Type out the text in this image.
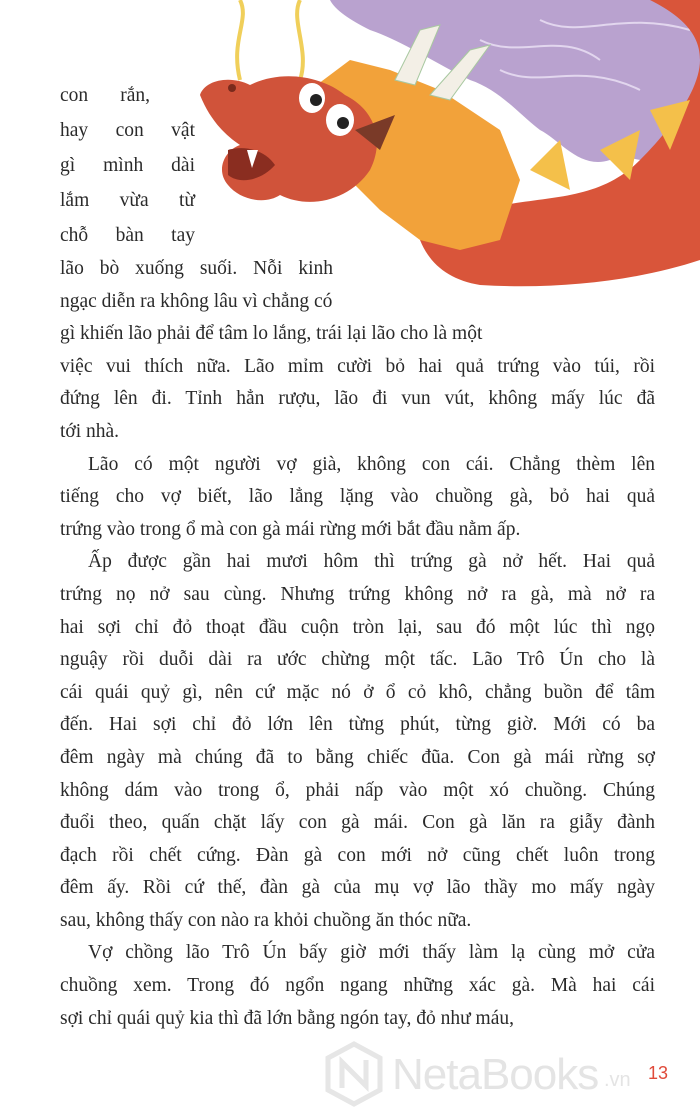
con rắn,
hay con vật
gì mình dài
lắm vừa từ
chỗ bàn tay
lão bò xuống suối. Nỗi kinh
ngạc diễn ra không lâu vì chẳng có
gì khiến lão phải để tâm lo lắng, trái lại lão cho là một
việc vui thích nữa. Lão mỉm cười bỏ hai quả trứng vào túi, rồi
đứng lên đi. Tỉnh hẳn rượu, lão đi vun vút, không mấy lúc đã
tới nhà.
Lão có một người vợ già, không con cái. Chẳng thèm lên
tiếng cho vợ biết, lão lẳng lặng vào chuồng gà, bỏ hai quả
trứng vào trong ổ mà con gà mái rừng mới bắt đầu nằm ấp.
Ấp được gần hai mươi hôm thì trứng gà nở hết. Hai quả
trứng nọ nở sau cùng. Nhưng trứng không nở ra gà, mà nở ra
hai sợi chỉ đỏ thoạt đầu cuộn tròn lại, sau đó một lúc thì ngọ
nguậy rồi duỗi dài ra ước chừng một tấc. Lão Trô Ún cho là
cái quái quỷ gì, nên cứ mặc nó ở ổ cỏ khô, chẳng buồn để tâm
đến. Hai sợi chỉ đỏ lớn lên từng phút, từng giờ. Mới có ba
đêm ngày mà chúng đã to bằng chiếc đũa. Con gà mái rừng sợ
không dám vào trong ổ, phải nấp vào một xó chuồng. Chúng
đuổi theo, quấn chặt lấy con gà mái. Con gà lăn ra giẫy đành
đạch rồi chết cứng. Đàn gà con mới nở cũng chết luôn trong
đêm ấy. Rồi cứ thế, đàn gà của mụ vợ lão thầy mo mấy ngày
sau, không thấy con nào ra khỏi chuồng ăn thóc nữa.
Vợ chồng lão Trô Ún bấy giờ mới thấy làm lạ cùng mở cửa
chuồng xem. Trong đó ngổn ngang những xác gà. Mà hai cái
sợi chỉ quái quỷ kia thì đã lớn bằng ngón tay, đỏ như máu,
NetaBooks .vn 13
